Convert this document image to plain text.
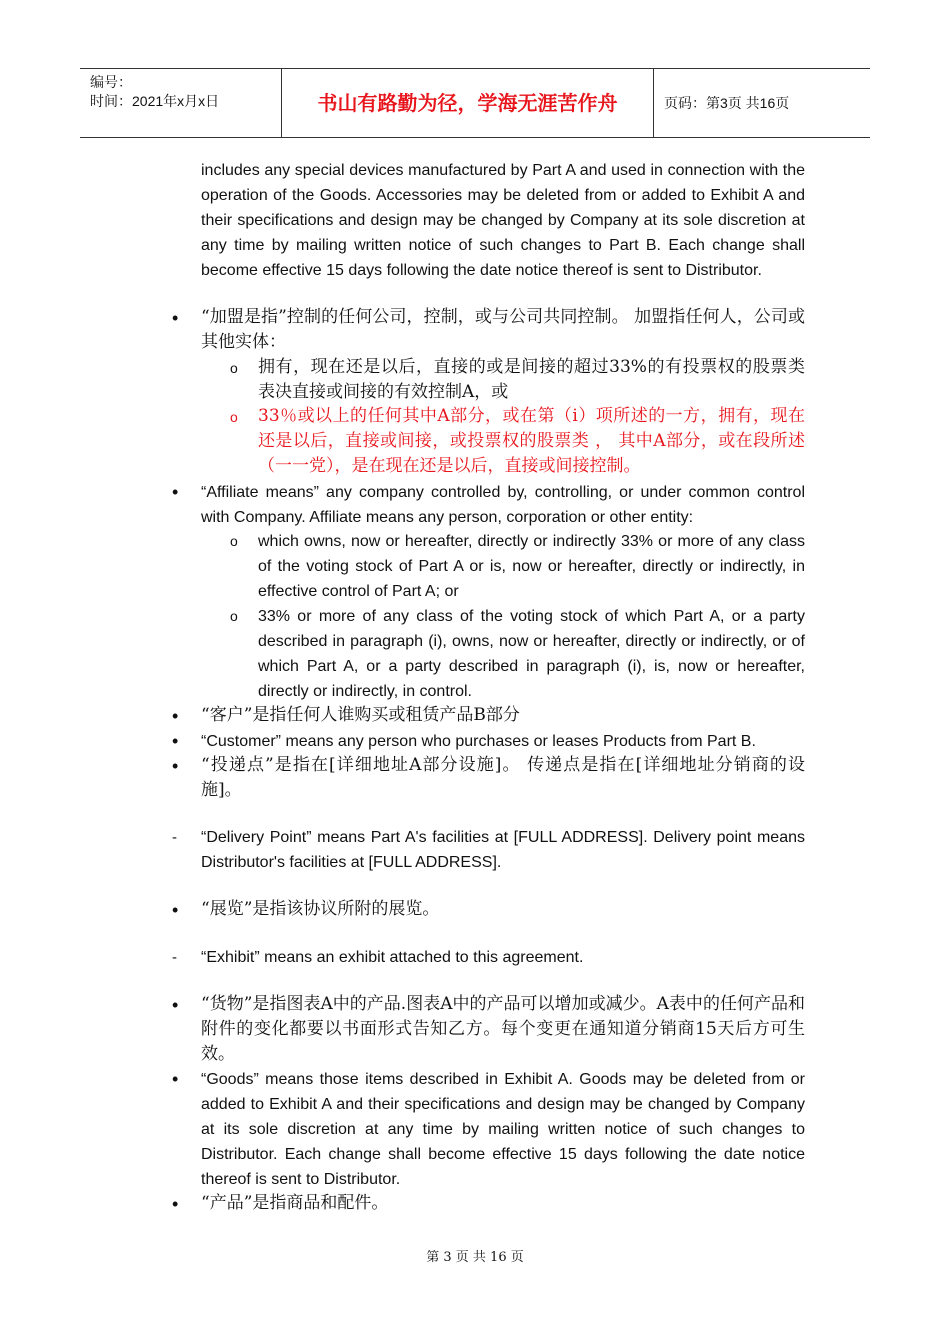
编号：
时间：2021年x月x日	书山有路勤为径，学海无涯苦作舟	页码：第3页 共16页
includes any special devices manufactured by Part A and used in connection with the operation of the Goods. Accessories may be deleted from or added to Exhibit A and their specifications and design may be changed by Company at its sole discretion at any time by mailing written notice of such changes to Part B. Each change shall become effective 15 days following the date notice thereof is sent to Distributor.
• “加盟是指”控制的任何公司，控制，或与公司共同控制。 加盟指任何人，公司或其他实体：
o 拥有，现在还是以后，直接的或是间接的超过33%的有投票权的股票类表决直接或间接的有效控制A，或
o 33％或以上的任何其中A部分，或在第（i）项所述的一方，拥有，现在还是以后，直接或间接，或投票权的股票类 ， 其中A部分，或在段所述（一一党），是在现在还是以后，直接或间接控制。
• “Affiliate means” any company controlled by, controlling, or under common control with Company. Affiliate means any person, corporation or other entity:
o which owns, now or hereafter, directly or indirectly 33% or more of any class of the voting stock of Part A or is, now or hereafter, directly or indirectly, in effective control of Part A; or
o 33% or more of any class of the voting stock of which Part A, or a party described in paragraph (i), owns, now or hereafter, directly or indirectly, or of which Part A, or a party described in paragraph (i), is, now or hereafter, directly or indirectly, in control.
• “客户”是指任何人谁购买或租赁产品B部分
• “Customer” means any person who purchases or leases Products from Part B.
• “投递点”是指在[详细地址A部分设施]。 传递点是指在[详细地址分销商的设施]。
- “Delivery Point” means Part A's facilities at [FULL ADDRESS]. Delivery point means Distributor's facilities at [FULL ADDRESS].
• “展览”是指该协议所附的展览。
- “Exhibit” means an exhibit attached to this agreement.
• “货物”是指图表A中的产品.图表A中的产品可以增加或减少。A表中的任何产品和附件的变化都要以书面形式告知乙方。每个变更在通知道分销商15天后方可生效。
• “Goods” means those items described in Exhibit A. Goods may be deleted from or added to Exhibit A and their specifications and design may be changed by Company at its sole discretion at any time by mailing written notice of such changes to Distributor. Each change shall become effective 15 days following the date notice thereof is sent to Distributor.
• “产品”是指商品和配件。
第 3 页 共 16 页
